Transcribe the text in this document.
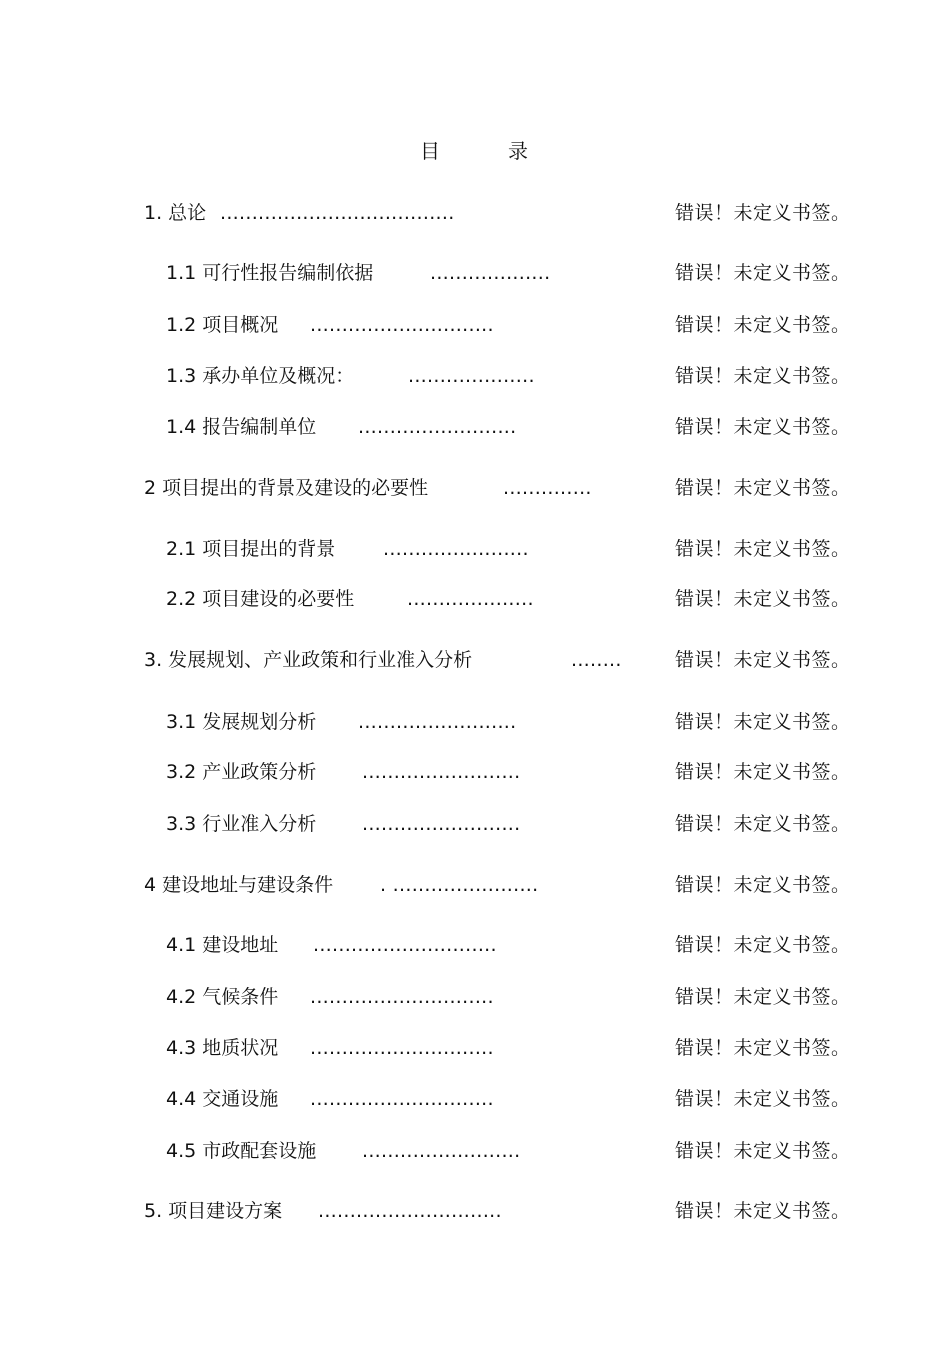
目　　　录
1. 总论 .....................................	错误！未定义书签。
1.1 可行性报告编制依据	...................	错误！未定义书签。
1.2 项目概况 .............................	错误！未定义书签。
1.3 承办单位及概况：	....................	错误！未定义书签。
1.4 报告编制单位 .........................	错误！未定义书签。
2 项目提出的背景及建设的必要性	..............	错误！未定义书签。
2.1 项目提出的背景	.......................	错误！未定义书签。
2.2 项目建设的必要性	....................	错误！未定义书签。
3. 发展规划、产业政策和行业准入分析	........	错误！未定义书签。
3.1 发展规划分析 .........................	错误！未定义书签。
3.2 产业政策分析 .........................	错误！未定义书签。
3.3 行业准入分析 .........................	错误！未定义书签。
4 建设地址与建设条件 . .......................	错误！未定义书签。
4.1 建设地址 .............................	错误！未定义书签。
4.2 气候条件 .............................	错误！未定义书签。
4.3 地质状况 .............................	错误！未定义书签。
4.4 交通设施 .............................	错误！未定义书签。
4.5 市政配套设施 .........................	错误！未定义书签。
5. 项目建设方案 .............................	错误！未定义书签。
